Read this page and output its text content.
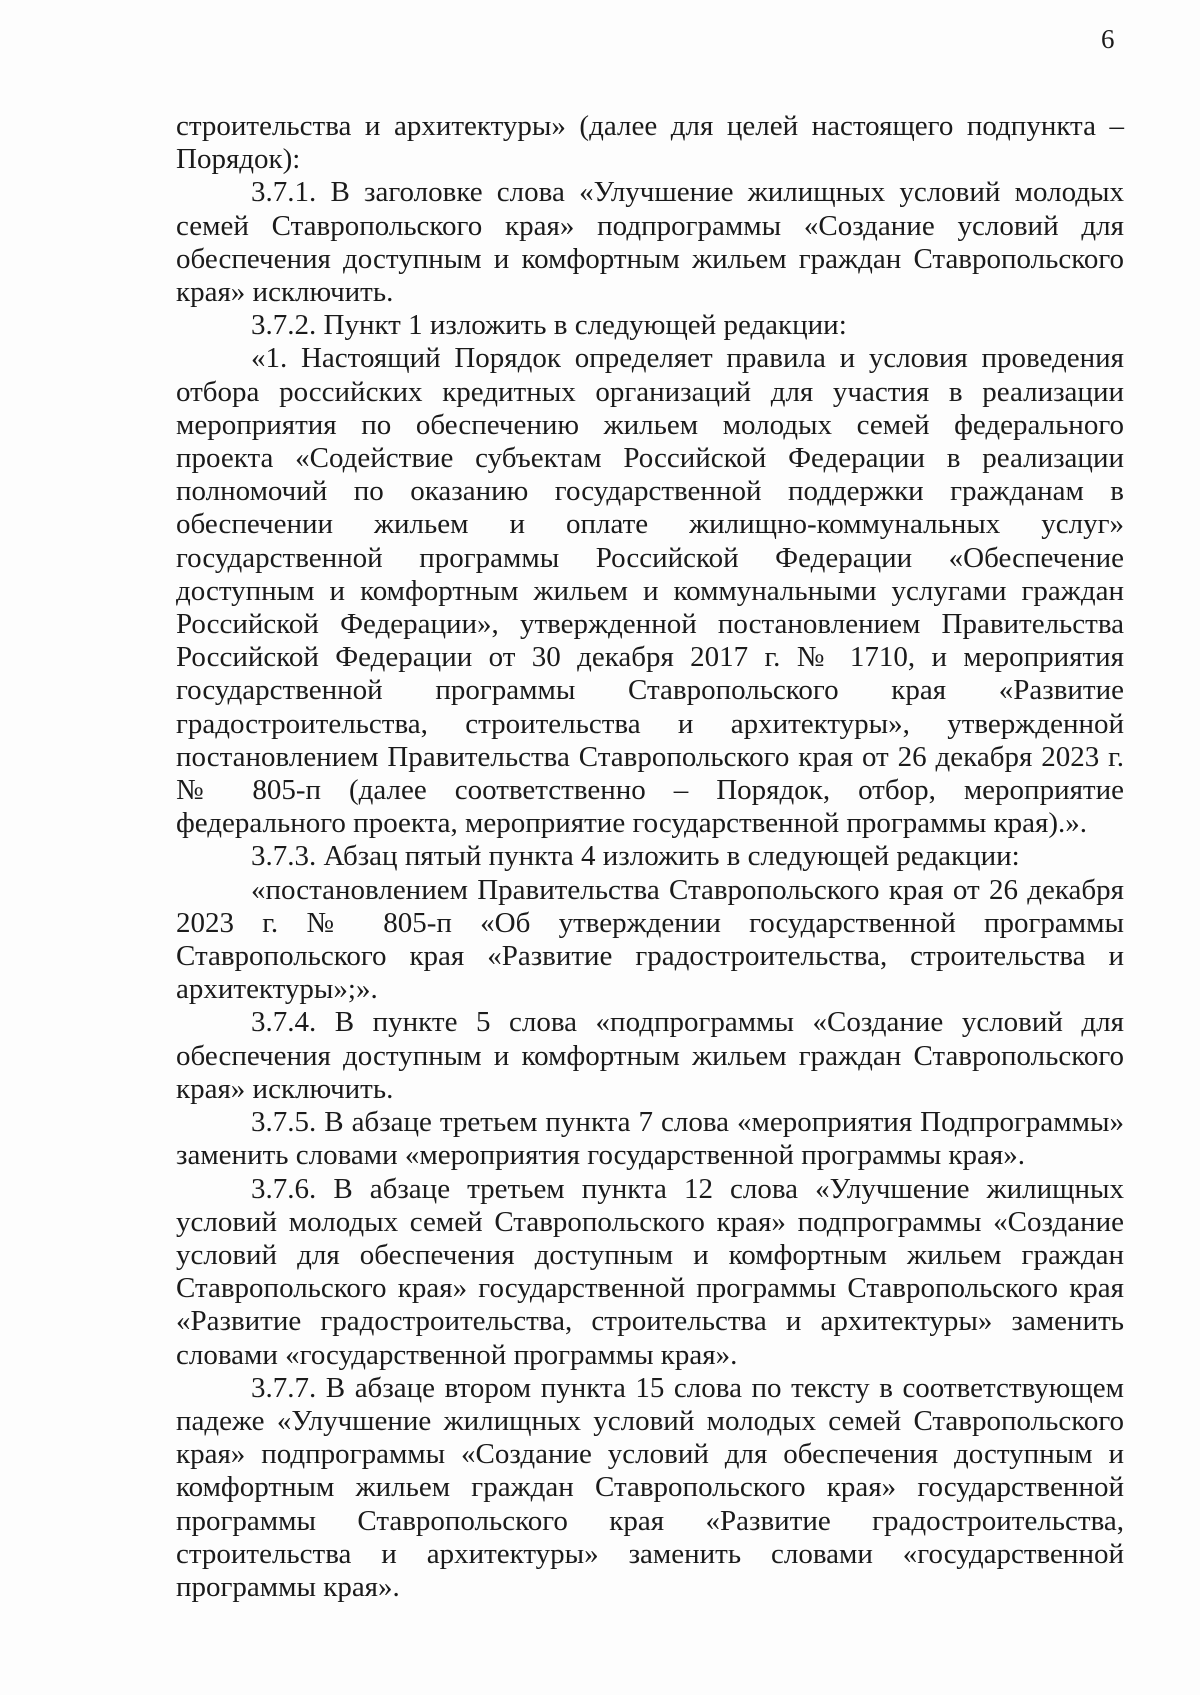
6

строительства и архитектуры» (далее для целей настоящего подпункта – Порядок):

3.7.1. В заголовке слова «Улучшение жилищных условий молодых семей Ставропольского края» подпрограммы «Создание условий для обеспечения доступным и комфортным жильем граждан Ставропольского края» исключить.

3.7.2. Пункт 1 изложить в следующей редакции:

«1. Настоящий Порядок определяет правила и условия проведения отбора российских кредитных организаций для участия в реализации мероприятия по обеспечению жильем молодых семей федерального проекта «Содействие субъектам Российской Федерации в реализации полномочий по оказанию государственной поддержки гражданам в обеспечении жильем и оплате жилищно-коммунальных услуг» государственной программы Российской Федерации «Обеспечение доступным и комфортным жильем и коммунальными услугами граждан Российской Федерации», утвержденной постановлением Правительства Российской Федерации от 30 декабря 2017 г. № 1710, и мероприятия государственной программы Ставропольского края «Развитие градостроительства, строительства и архитектуры», утвержденной постановлением Правительства Ставропольского края от 26 декабря 2023 г. № 805-п (далее соответственно – Порядок, отбор, мероприятие федерального проекта, мероприятие государственной программы края).».

3.7.3. Абзац пятый пункта 4 изложить в следующей редакции:

«постановлением Правительства Ставропольского края от 26 декабря 2023 г. № 805-п «Об утверждении государственной программы Ставропольского края «Развитие градостроительства, строительства и архитектуры»;».

3.7.4. В пункте 5 слова «подпрограммы «Создание условий для обеспечения доступным и комфортным жильем граждан Ставропольского края» исключить.

3.7.5. В абзаце третьем пункта 7 слова «мероприятия Подпрограммы» заменить словами «мероприятия государственной программы края».

3.7.6. В абзаце третьем пункта 12 слова «Улучшение жилищных условий молодых семей Ставропольского края» подпрограммы «Создание условий для обеспечения доступным и комфортным жильем граждан Ставропольского края» государственной программы Ставропольского края «Развитие градостроительства, строительства и архитектуры» заменить словами «государственной программы края».

3.7.7. В абзаце втором пункта 15 слова по тексту в соответствующем падеже «Улучшение жилищных условий молодых семей Ставропольского края» подпрограммы «Создание условий для обеспечения доступным и комфортным жильем граждан Ставропольского края» государственной программы Ставропольского края «Развитие градостроительства, строительства и архитектуры» заменить словами «государственной программы края».
